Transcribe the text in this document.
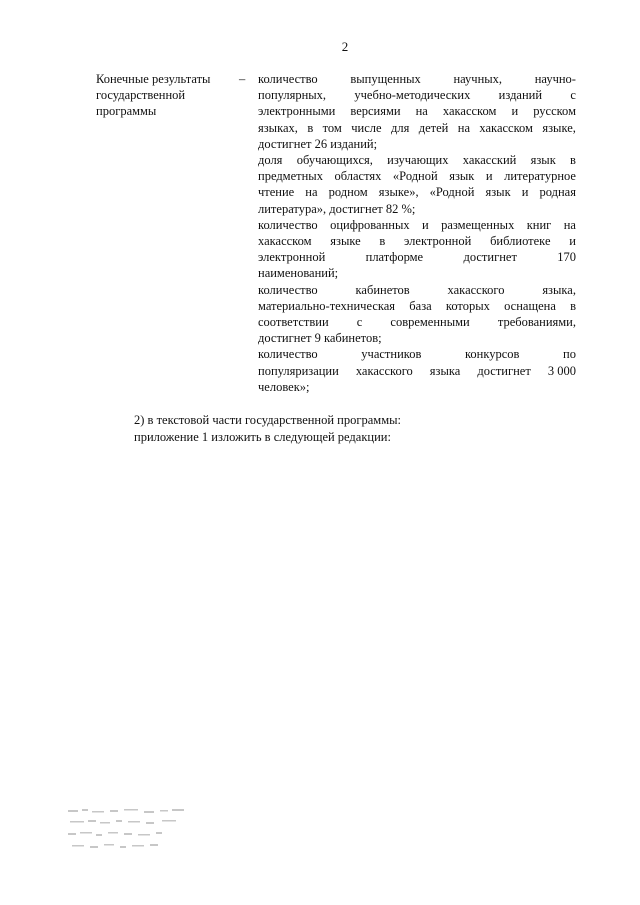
2
Конечные результаты
государственной
программы
– количество	выпущенных	научных,	научно-
популярных, учебно-методических изданий с
электронными версиями на хакасском и русском
языках, в том числе для детей на хакасском языке,
достигнет 26 изданий;
доля обучающихся, изучающих хакасский язык в
предметных областях «Родной язык и литературное
чтение на родном языке», «Родной язык и родная
литература», достигнет 82 %;
количество оцифрованных и размещенных книг на
хакасском языке в электронной библиотеке и
электронной	платформе	достигнет	170
наименований;
количество	кабинетов	хакасского	языка,
материально-техническая база которых оснащена в
соответствии с современными требованиями,
достигнет 9 кабинетов;
количество	участников	конкурсов	по
популяризации хакасского языка достигнет 3 000
человек»;

2) в текстовой части государственной программы:

приложение 1 изложить в следующей редакции:
